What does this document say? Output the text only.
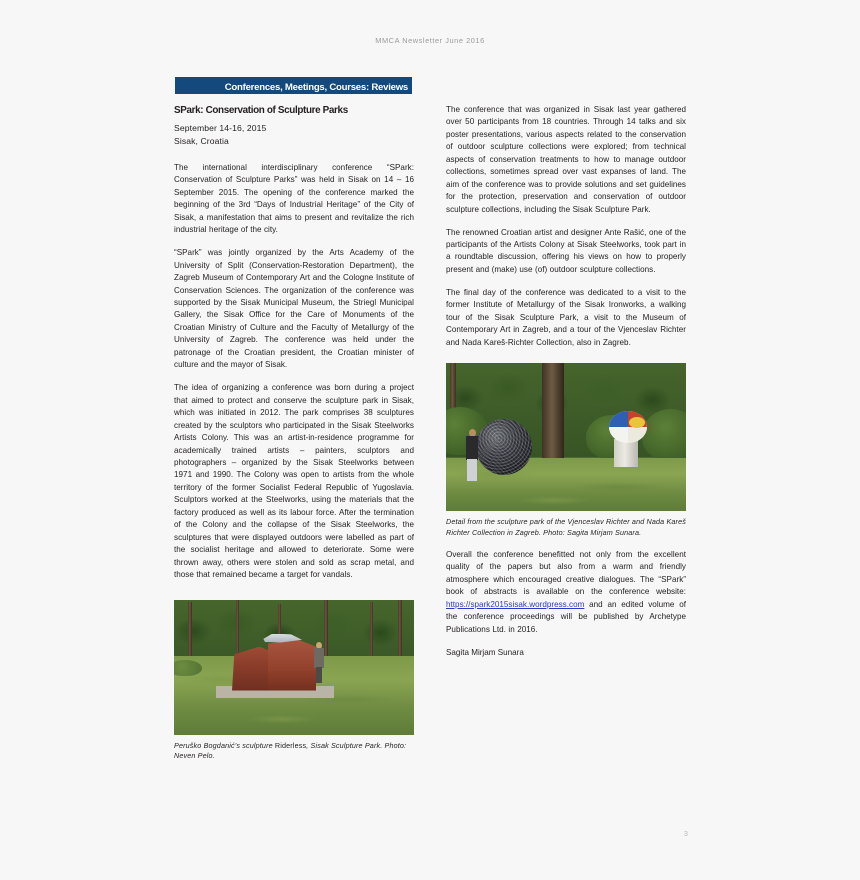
MMCA Newsletter June 2016
Conferences, Meetings, Courses: Reviews
SPark: Conservation of Sculpture Parks
September 14-16, 2015
Sisak, Croatia

The international interdisciplinary conference “SPark: Conservation of Sculpture Parks” was held in Sisak on 14 – 16 September 2015. The opening of the conference marked the beginning of the 3rd “Days of Industrial Heritage” of the City of Sisak, a manifestation that aims to present and revitalize the rich industrial heritage of the city.

“SPark” was jointly organized by the Arts Academy of the University of Split (Conservation-Restoration Department), the Zagreb Museum of Contemporary Art and the Cologne Institute of Conservation Sciences. The organization of the conference was supported by the Sisak Municipal Museum, the Striegl Municipal Gallery, the Sisak Office for the Care of Monuments of the Croatian Ministry of Culture and the Faculty of Metallurgy of the University of Zagreb. The conference was held under the patronage of the Croatian president, the Croatian minister of culture and the mayor of Sisak.

The idea of organizing a conference was born during a project that aimed to protect and conserve the sculpture park in Sisak, which was initiated in 2012. The park comprises 38 sculptures created by the sculptors who participated in the Sisak Steelworks Artists Colony. This was an artist-in-residence programme for academically trained artists – painters, sculptors and photographers – organized by the Sisak Steelworks between 1971 and 1990. The Colony was open to artists from the whole territory of the former Socialist Federal Republic of Yugoslavia. Sculptors worked at the Steelworks, using the materials that the factory produced as well as its labour force. After the termination of the Colony and the collapse of the Sisak Steelworks, the sculptures that were displayed outdoors were labelled as part of the socialist heritage and allowed to deteriorate. Some were thrown away, others were stolen and sold as scrap metal, and those that remained became a target for vandals.

Peruško Bogdanić’s sculpture Riderless, Sisak Sculpture Park. Photo: Neven Pelo.

The conference that was organized in Sisak last year gathered over 50 participants from 18 countries. Through 14 talks and six poster presentations, various aspects related to the conservation of outdoor sculpture collections were explored; from technical aspects of conservation treatments to how to manage outdoor collections, sometimes spread over vast expanses of land. The aim of the conference was to provide solutions and set guidelines for the protection, preservation and conservation of outdoor sculpture collections, including the Sisak Sculpture Park.

The renowned Croatian artist and designer Ante Rašić, one of the participants of the Artists Colony at Sisak Steelworks, took part in a roundtable discussion, offering his views on how to properly present and (make) use (of) outdoor sculpture collections.

The final day of the conference was dedicated to a visit to the former Institute of Metallurgy of the Sisak Ironworks, a walking tour of the Sisak Sculpture Park, a visit to the Museum of Contemporary Art in Zagreb, and a tour of the Vjenceslav Richter and Nada Kareš-Richter Collection, also in Zagreb.

Detail from the sculpture park of the Vjenceslav Richter and Nada Kareš Richter Collection in Zagreb. Photo: Sagita Mirjam Sunara.

Overall the conference benefitted not only from the excellent quality of the papers but also from a warm and friendly atmosphere which encouraged creative dialogues. The “SPark” book of abstracts is available on the conference website: https://spark2015sisak.wordpress.com and an edited volume of the conference proceedings will be published by Archetype Publications Ltd. in 2016.

Sagita Mirjam Sunara

3
